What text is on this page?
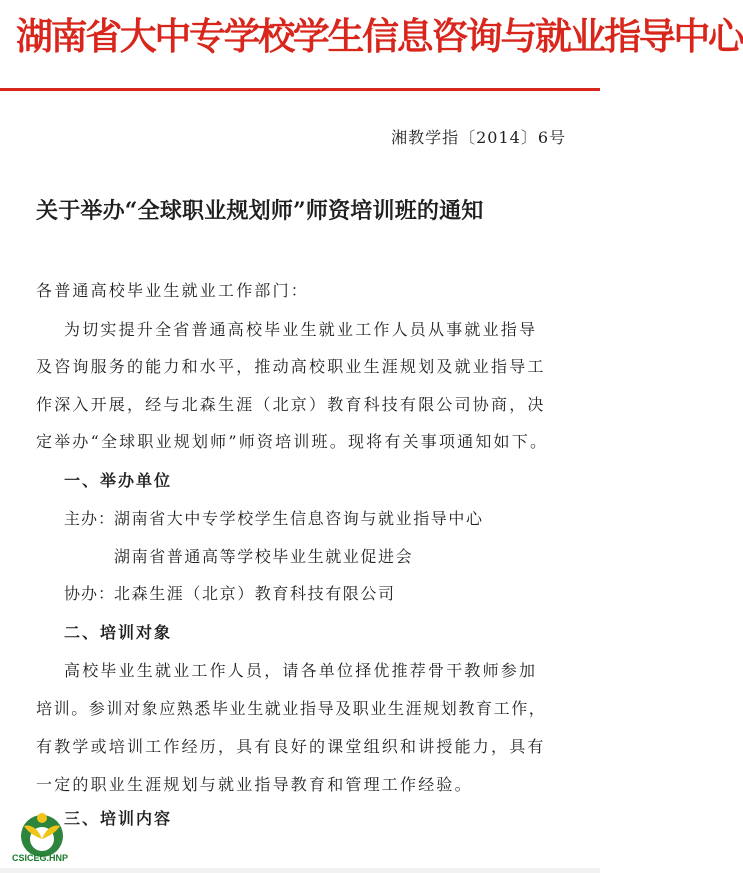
湖南省大中专学校学生信息咨询与就业指导中心
湘教学指〔2014〕6号
关于举办“全球职业规划师”师资培训班的通知
各普通高校毕业生就业工作部门：
为切实提升全省普通高校毕业生就业工作人员从事就业指导
及咨询服务的能力和水平，推动高校职业生涯规划及就业指导工
作深入开展，经与北森生涯（北京）教育科技有限公司协商，决
定举办“全球职业规划师”师资培训班。现将有关事项通知如下。
一、举办单位
主办：
湖南省大中专学校学生信息咨询与就业指导中心
湖南省普通高等学校毕业生就业促进会
协办：
北森生涯（北京）教育科技有限公司
二、培训对象
高校毕业生就业工作人员，请各单位择优推荐骨干教师参加
培训。参训对象应熟悉毕业生就业指导及职业生涯规划教育工作，
有教学或培训工作经历，具有良好的课堂组织和讲授能力，具有
一定的职业生涯规划与就业指导教育和管理工作经验。
三、培训内容
CSICEG.HNP
